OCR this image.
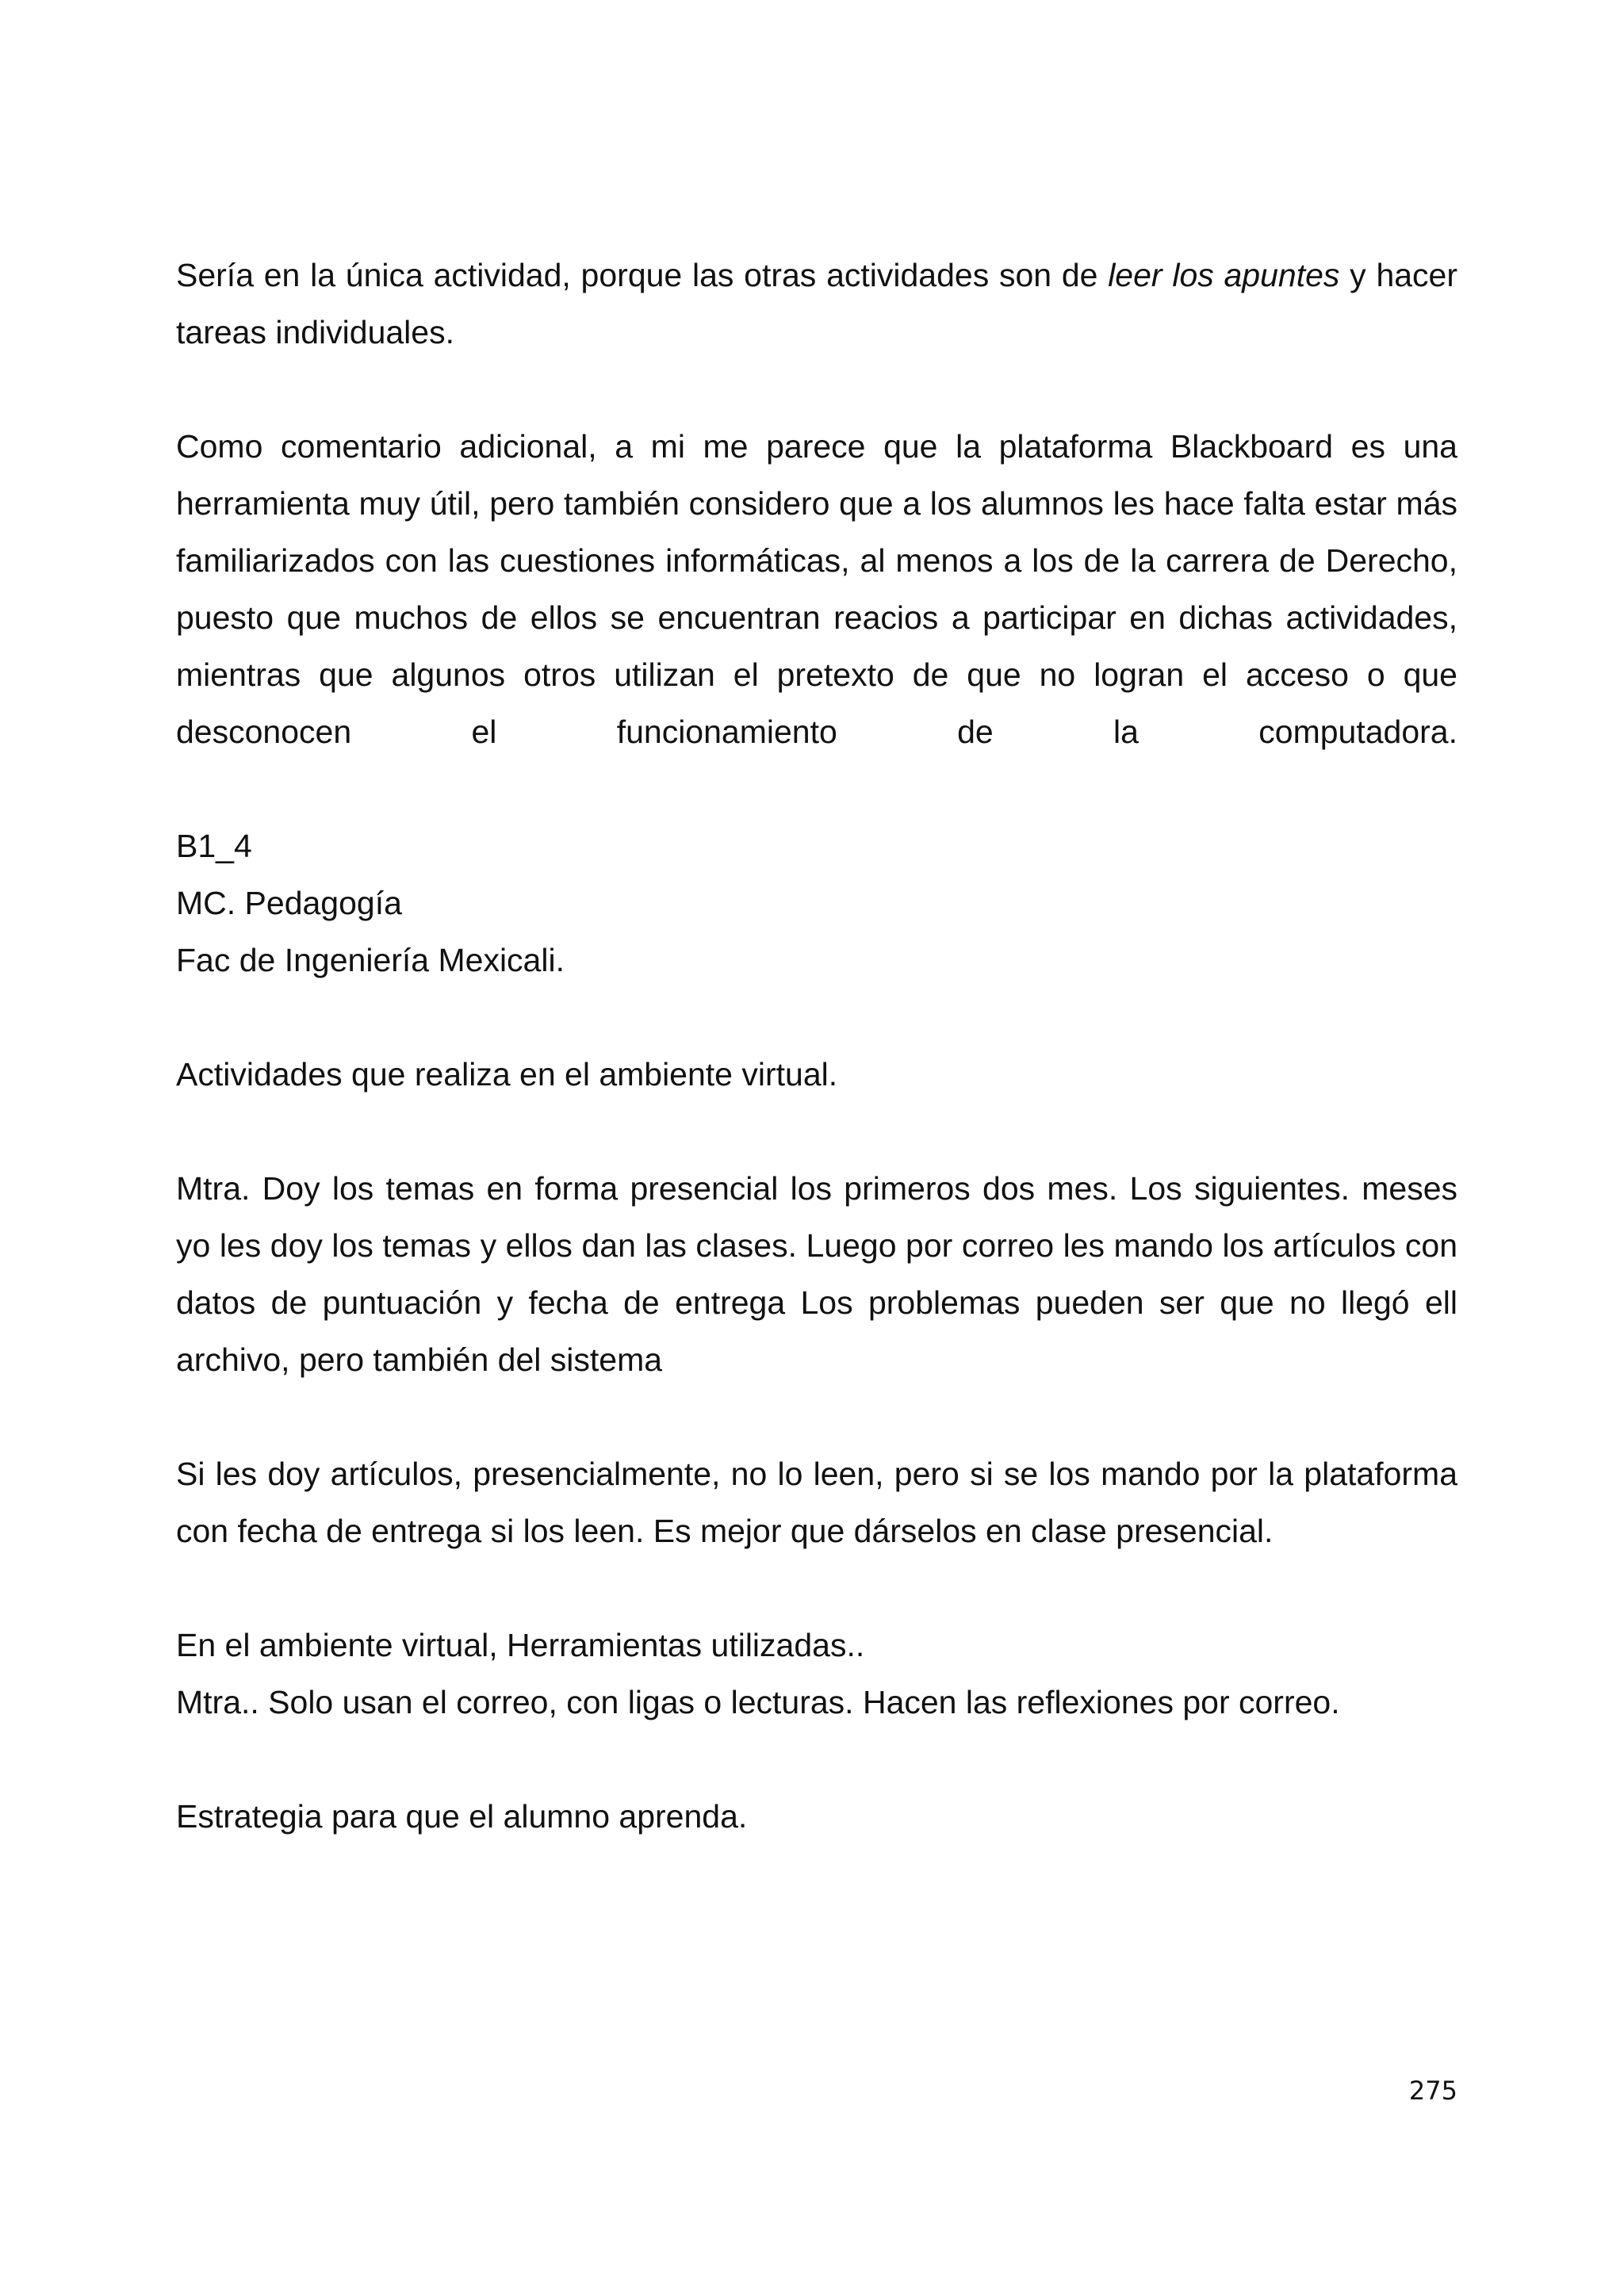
Sería en la única actividad, porque las otras actividades son de leer los apuntes y hacer tareas individuales.

Como comentario adicional, a mi me parece que la plataforma Blackboard es una herramienta muy útil, pero también considero que a los alumnos les hace falta estar más familiarizados con las cuestiones informáticas, al menos a los de la carrera de Derecho, puesto que muchos de ellos se encuentran reacios a participar en dichas actividades, mientras que algunos otros utilizan el pretexto de que no logran el acceso o que desconocen el funcionamiento de la computadora.

B1_4
MC. Pedagogía
Fac de Ingeniería Mexicali.

Actividades que realiza en el ambiente virtual.

Mtra. Doy los temas en forma presencial los primeros dos mes. Los siguientes. meses yo les doy los temas y ellos dan las clases. Luego por correo les mando los artículos con datos de puntuación y fecha de entrega Los problemas pueden ser que no llegó ell archivo, pero también del sistema

Si les doy artículos, presencialmente, no lo leen, pero si se los mando por la plataforma con fecha de entrega si los leen. Es mejor que dárselos en clase presencial.

En el ambiente virtual, Herramientas utilizadas..
Mtra.. Solo usan el correo, con ligas o lecturas. Hacen las reflexiones por correo.

Estrategia para que el alumno aprenda.

275
